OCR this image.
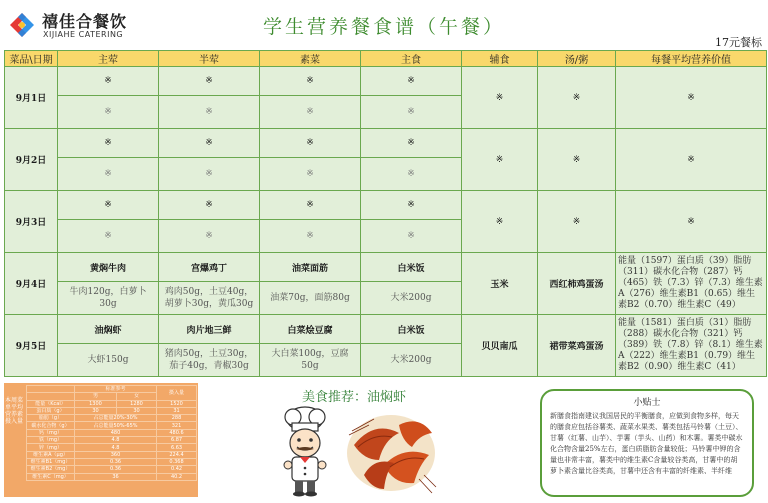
禧佳合餐饮
XIJIAHE CATERING	学生营养餐食谱（午餐）
17元餐标
菜品\日期	主荤	半荤	素菜	主食	辅食	汤/粥	每餐平均营养价值
9月1日	※	※	※	※	※	※	※
	※	※	※	※			
9月2日	※	※	※	※	※	※	※
	※	※	※	※			
9月3日	※	※	※	※	※	※	※
	※	※	※	※			
9月4日	黄焖牛肉	宫爆鸡丁	油菜面筋	白米饭	玉米	西红柿鸡蛋汤	能量（1597）蛋白质（39）脂肪（311）碳水化合物（287）钙（465）铁（7.3）锌（7.3）维生素A（276）维生素B1（0.65）维生素B2（0.70）维生素C（49）
	牛肉120g，白萝卜30g	鸡肉50g，土豆40g，胡萝卜30g，黄瓜30g	油菜70g，面筋80g	大米200g			
9月5日	油焖虾	肉片地三鲜	白菜烩豆腐	白米饭	贝贝南瓜	裙带菜鸡蛋汤	能量（1581）蛋白质（31）脂肪（288）碳水化合物（321）钙（389）铁（7.8）锌（8.1）维生素A（222）维生素B1（0.79）维生素B2（0.90）维生素C（41）
	大虾150g	猪肉50g，土豆30g，茄子40g，青椒30g	大白菜100g，豆腐50g	大米200g			
本周菜单平均营养素摄入量
	标准参考		摄入量
	男	女	
能量（Kcal）	1300	1280	1520
蛋白质（g）	30	30	31
脂肪（g）	占总能量20%-30%		288
碳水化合物（g）	占总能量50%-65%		321
钙（mg）	480		480.6
铁（mg）	4.8		6.87
锌（mg）	4.8		6.63
维生素A（μg）	360		224.4
维生素B1（mg）	0.36		0.368
维生素B2（mg）	0.36		0.42
维生素C（mg）	36		40.2
美食推荐：油焖虾	小贴士
新膳食指南建议我国居民的平衡膳食，应做到食物多样，每天的膳食应包括谷薯类、蔬菜水果类、薯类包括马铃薯（土豆）、甘薯（红薯、山芋）、芋薯（芋头、山药）和木薯。薯类中碳水化合物含量25%左右，蛋白质脂肪含量较低；马铃薯中钾的含量也非常丰富，薯类中的维生素C含量较谷类高，甘薯中的胡萝卜素含量比谷类高，甘薯中还含有丰富的纤维素、半纤维
